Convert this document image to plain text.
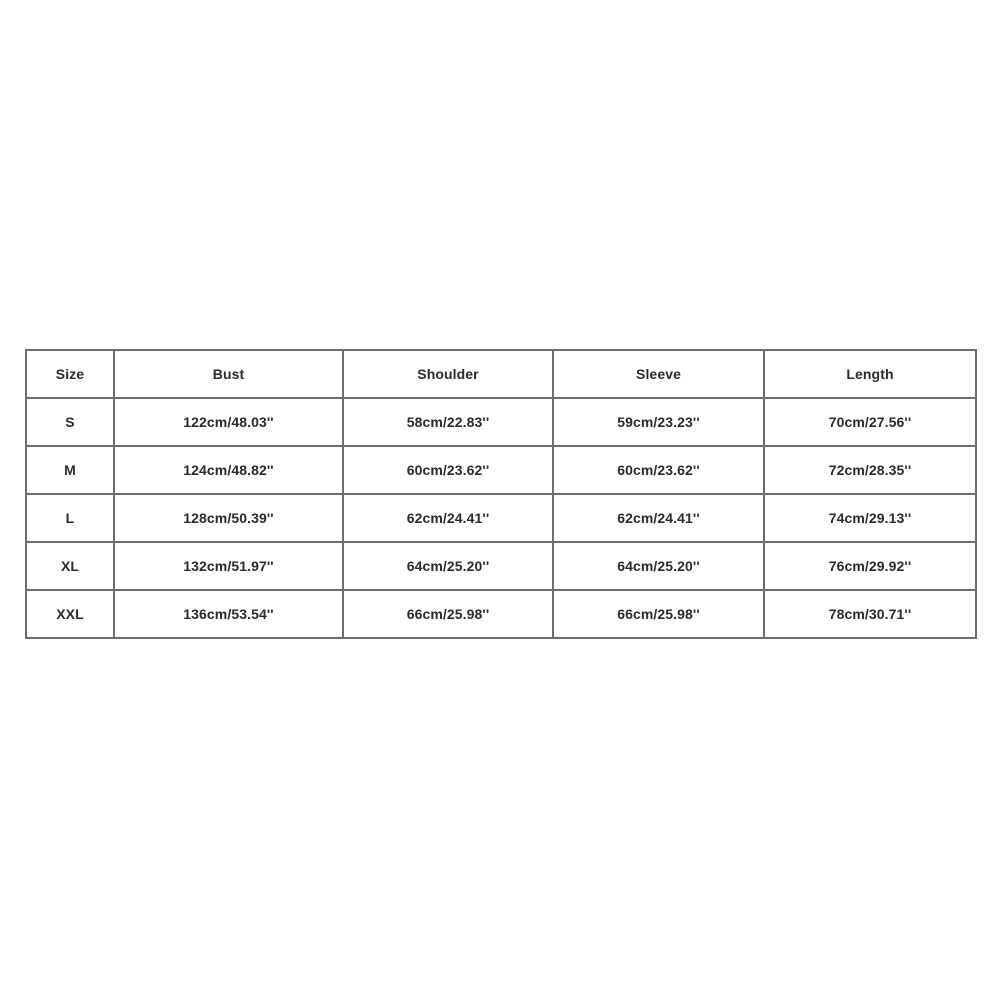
Size	Bust	Shoulder	Sleeve	Length
S	122cm/48.03''	58cm/22.83''	59cm/23.23''	70cm/27.56''
M	124cm/48.82''	60cm/23.62''	60cm/23.62''	72cm/28.35''
L	128cm/50.39''	62cm/24.41''	62cm/24.41''	74cm/29.13''
XL	132cm/51.97''	64cm/25.20''	64cm/25.20''	76cm/29.92''
XXL	136cm/53.54''	66cm/25.98''	66cm/25.98''	78cm/30.71''
